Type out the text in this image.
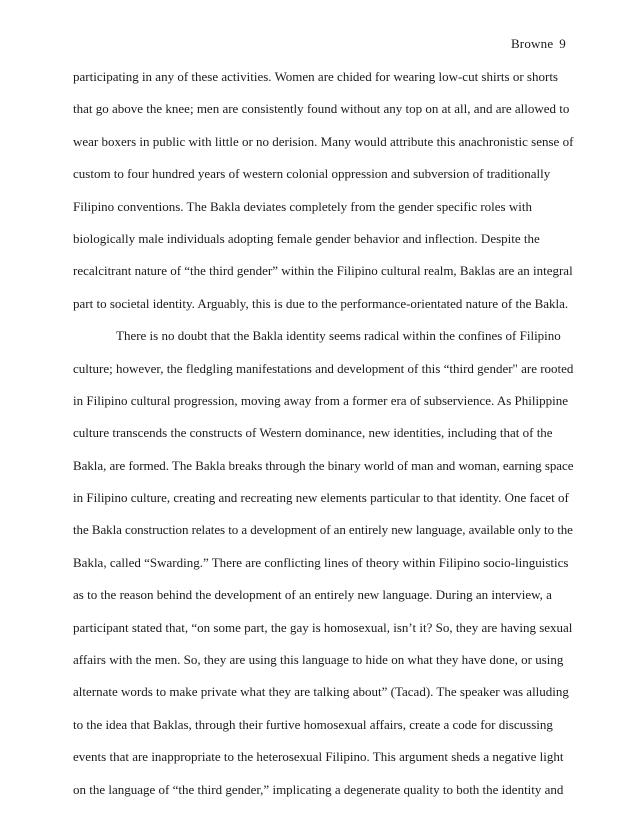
Browne 9
participating in any of these activities. Women are chided for wearing low-cut shirts or shorts
that go above the knee; men are consistently found without any top on at all, and are allowed to
wear boxers in public with little or no derision. Many would attribute this anachronistic sense of
custom to four hundred years of western colonial oppression and subversion of traditionally
Filipino conventions. The Bakla deviates completely from the gender specific roles with
biologically male individuals adopting female gender behavior and inflection. Despite the
recalcitrant nature of “the third gender” within the Filipino cultural realm, Baklas are an integral
part to societal identity. Arguably, this is due to the performance-orientated nature of the Bakla.
There is no doubt that the Bakla identity seems radical within the confines of Filipino
culture; however, the fledgling manifestations and development of this “third gender" are rooted
in Filipino cultural progression, moving away from a former era of subservience. As Philippine
culture transcends the constructs of Western dominance, new identities, including that of the
Bakla, are formed. The Bakla breaks through the binary world of man and woman, earning space
in Filipino culture, creating and recreating new elements particular to that identity. One facet of
the Bakla construction relates to a development of an entirely new language, available only to the
Bakla, called “Swarding.” There are conflicting lines of theory within Filipino socio-linguistics
as to the reason behind the development of an entirely new language. During an interview, a
participant stated that, “on some part, the gay is homosexual, isn’t it? So, they are having sexual
affairs with the men. So, they are using this language to hide on what they have done, or using
alternate words to make private what they are talking about” (Tacad). The speaker was alluding
to the idea that Baklas, through their furtive homosexual affairs, create a code for discussing
events that are inappropriate to the heterosexual Filipino. This argument sheds a negative light
on the language of “the third gender,” implicating a degenerate quality to both the identity and
